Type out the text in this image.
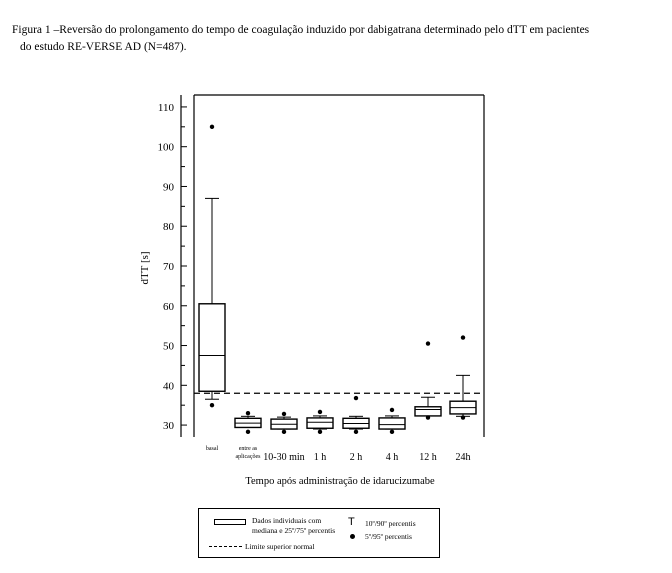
Figura 1 –Reversão do prolongamento do tempo de coagulação induzido por dabigatrana determinado pelo dTT em pacientes
do estudo RE-VERSE AD (N=487).
30
40
50
60
70
80
90
100
110
basal	entre as
aplicações 10-30 min 1 h 2 h 4 h 12 h 24h
dTT [s]
Tempo após administração de idarucizumabe
Dados individuais com
mediana e 25º/75º percentis
T 10º/90º percentis
5º/95º percentis
Limite superior normal
